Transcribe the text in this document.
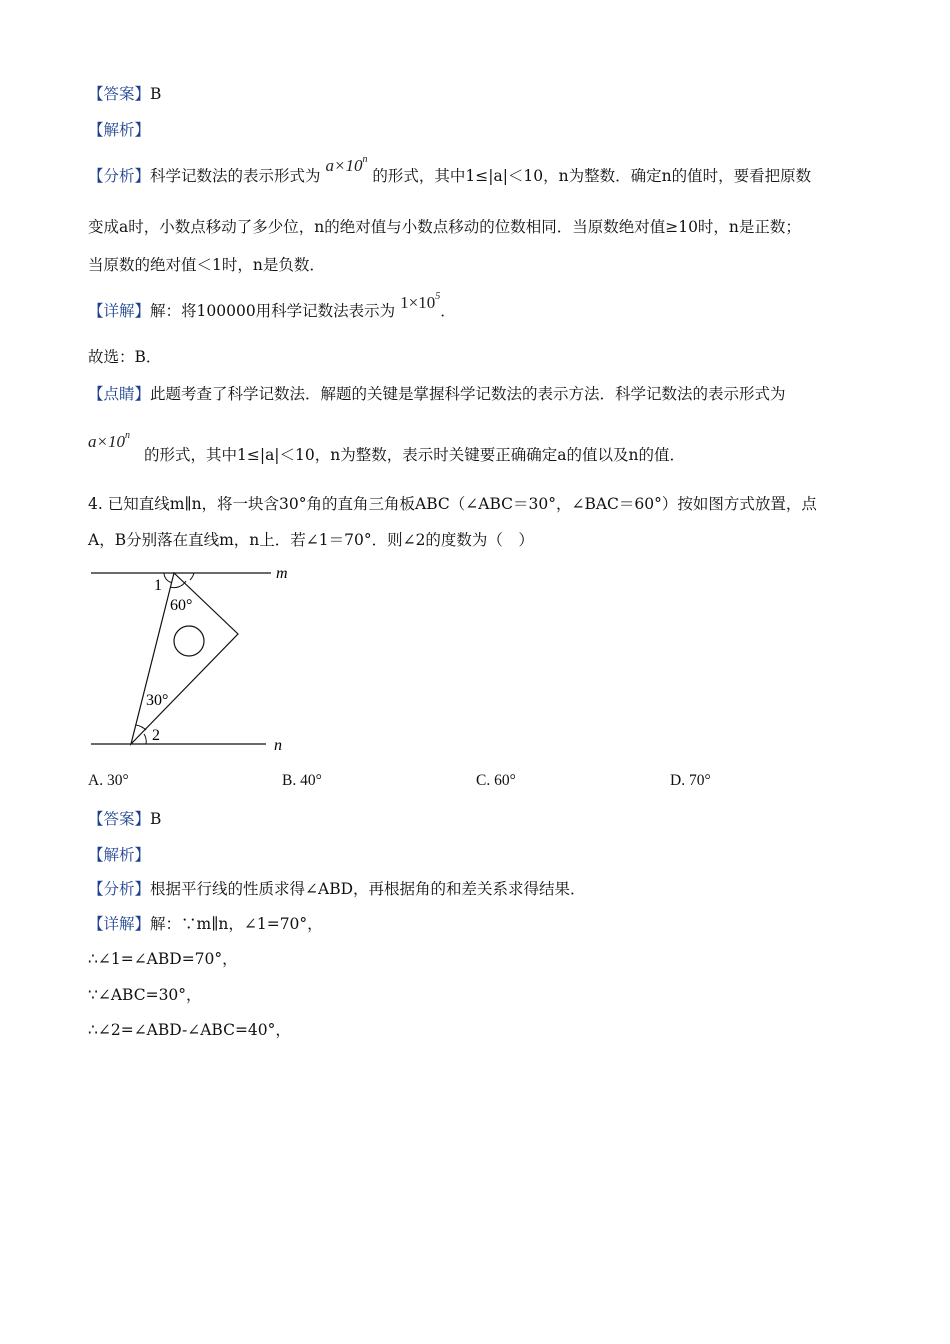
【答案】B
【解析】
【分析】科学记数法的表示形式为 $a\times 10^n$ 的形式，其中1≤|a|＜10，n为整数．确定n的值时，要看把原数
变成a时，小数点移动了多少位，n的绝对值与小数点移动的位数相同．当原数绝对值≥10时，n是正数；
当原数的绝对值＜1时，n是负数．
【详解】解：将100000用科学记数法表示为 $1\times 10^5$．
故选：B．
【点睛】此题考查了科学记数法．解题的关键是掌握科学记数法的表示方法．科学记数法的表示形式为
$a\times 10^n$
的形式，其中1≤|a|＜10，n为整数，表示时关键要正确确定a的值以及n的值．
4. 已知直线m∥n，将一块含30°角的直角三角板ABC（∠ABC＝30°，∠BAC＝60°）按如图方式放置，点
A，B分别落在直线m，n上．若∠1＝70°．则∠2的度数为（　）
m
n
1
60°
30°
2
A. 30°	B. 40°	C. 60°	D. 70°
【答案】B
【解析】
【分析】根据平行线的性质求得∠ABD，再根据角的和差关系求得结果．
【详解】解：∵m∥n，∠1=70°，
∴∠1=∠ABD=70°，
∵∠ABC=30°，
∴∠2=∠ABD-∠ABC=40°，
